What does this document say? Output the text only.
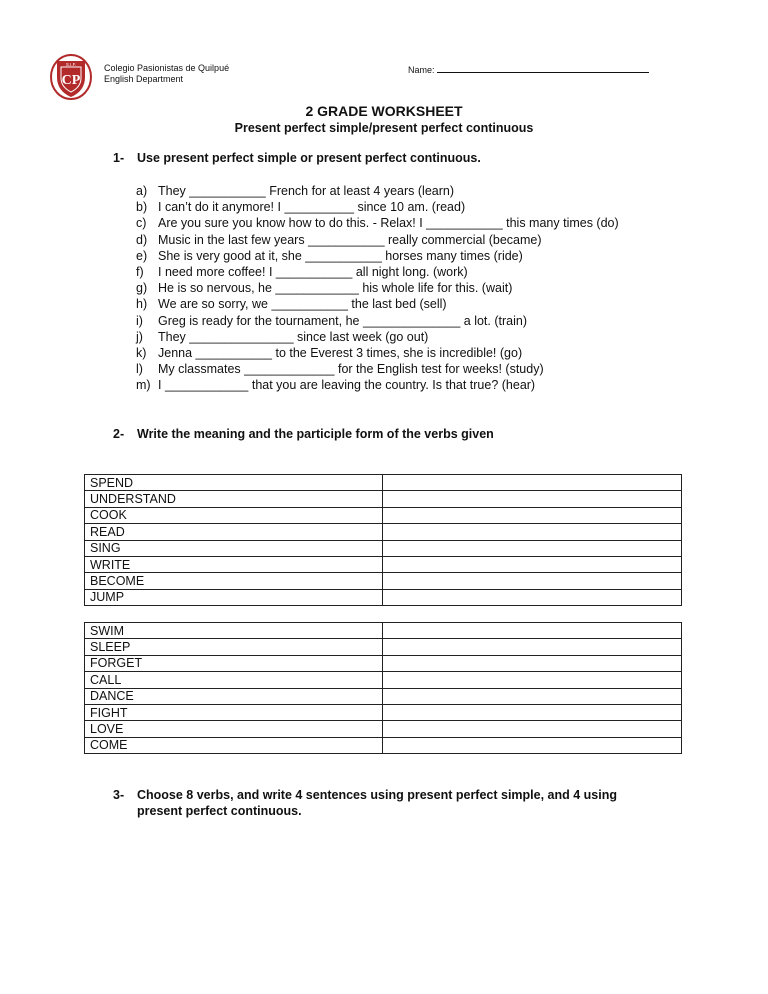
S.I.F.
CP
Colegio Pasionistas de Quilpué
English Department
Name:
2 GRADE WORKSHEET
Present perfect simple/present perfect continuous
1- Use present perfect simple or present perfect continuous.
a) They ___________ French for at least 4 years (learn)
b) I can’t do it anymore! I __________ since 10 am. (read)
c) Are you sure you know how to do this. - Relax! I ___________ this many times (do)
d) Music in the last few years ___________ really commercial (became)
e) She is very good at it, she ___________ horses many times (ride)
f) I need more coffee! I ___________ all night long. (work)
g) He is so nervous, he ____________ his whole life for this. (wait)
h) We are so sorry, we ___________ the last bed (sell)
i) Greg is ready for the tournament, he ______________ a lot. (train)
j) They _______________ since last week (go out)
k) Jenna ___________ to the Everest 3 times, she is incredible! (go)
l) My classmates _____________ for the English test for weeks! (study)
m) I ____________ that you are leaving the country. Is that true? (hear)
2- Write the meaning and the participle form of the verbs given
SPEND	
UNDERSTAND	
COOK	
READ	
SING	
WRITE	
BECOME	
JUMP	
SWIM	
SLEEP	
FORGET	
CALL	
DANCE	
FIGHT	
LOVE	
COME	
3- Choose 8 verbs, and write 4 sentences using present perfect simple, and 4 using
present perfect continuous.
